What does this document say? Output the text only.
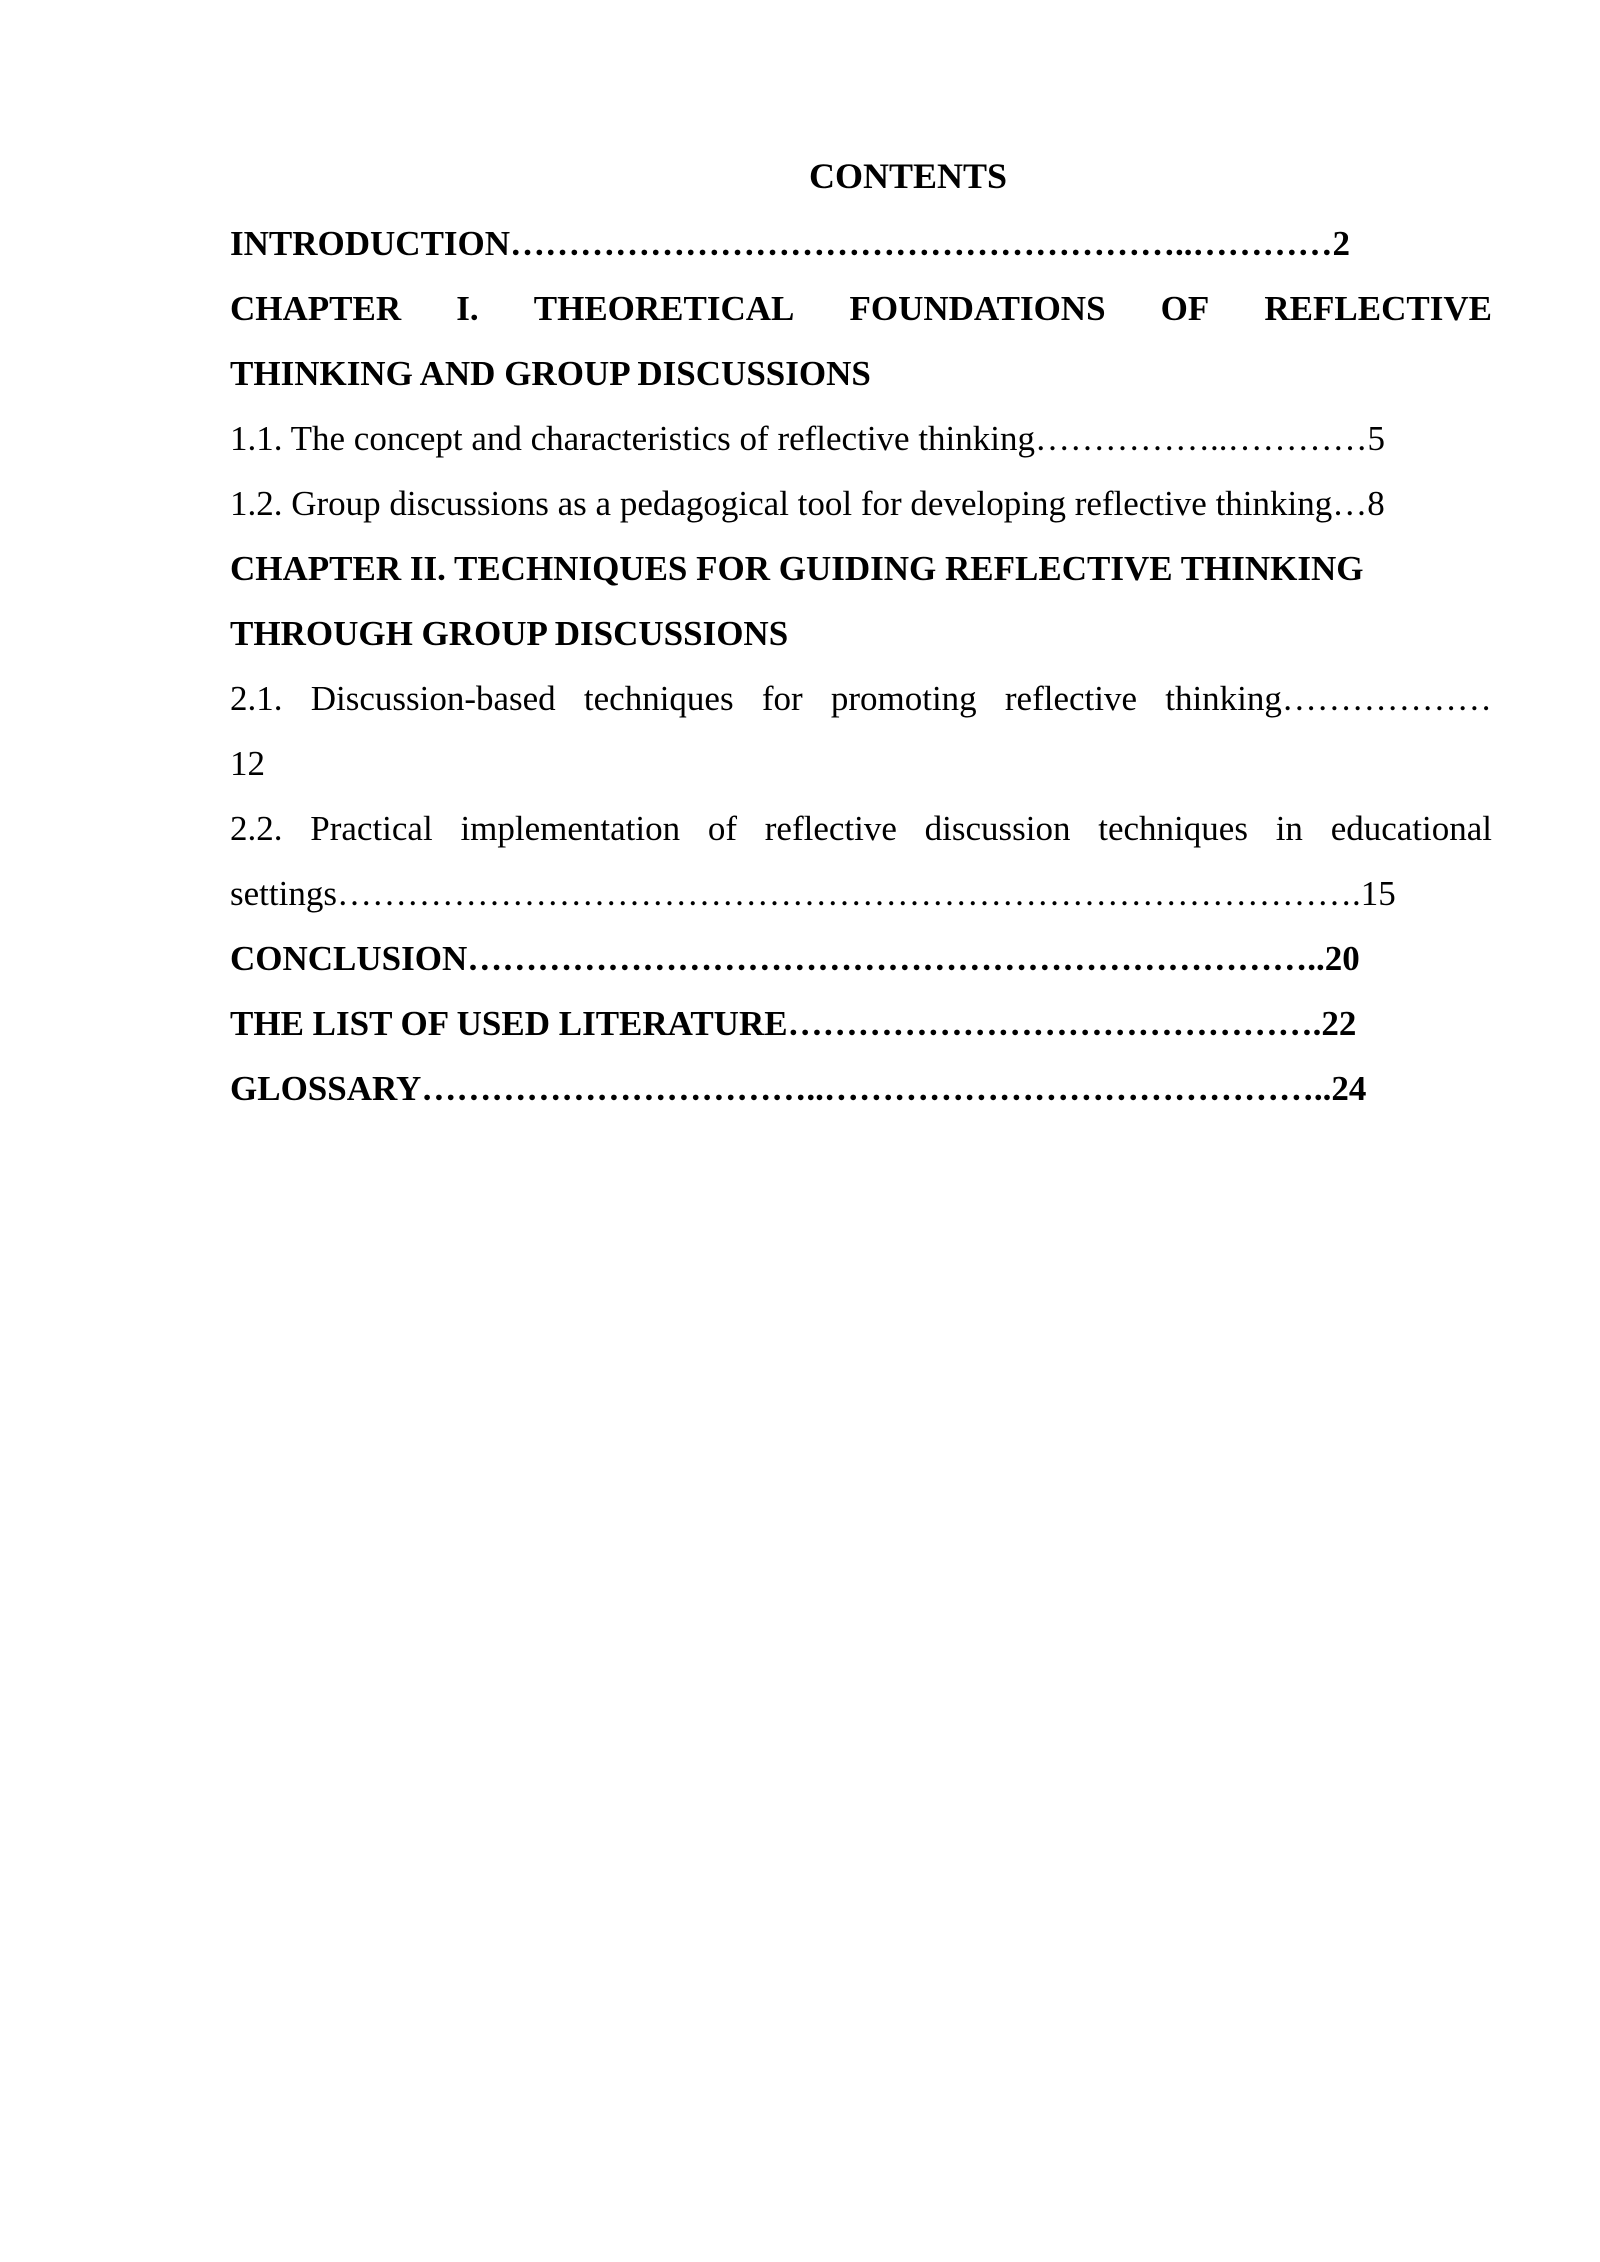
CONTENTS
INTRODUCTION…………………………………………………..…………2
CHAPTER I. THEORETICAL FOUNDATIONS OF REFLECTIVE
THINKING AND GROUP DISCUSSIONS
1.1. The concept and characteristics of reflective thinking……………..…………5
1.2. Group discussions as a pedagogical tool for developing reflective thinking…8
CHAPTER II. TECHNIQUES FOR GUIDING REFLECTIVE THINKING
THROUGH GROUP DISCUSSIONS
2.1. Discussion-based techniques for promoting reflective thinking………………
12
2.2. Practical implementation of reflective discussion techniques in educational
settings…………………………………………………………………………….15
CONCLUSION………………………………………………………………..20
THE LIST OF USED LITERATURE……………………………………….22
GLOSSARY……………………………..……………………………………..24
